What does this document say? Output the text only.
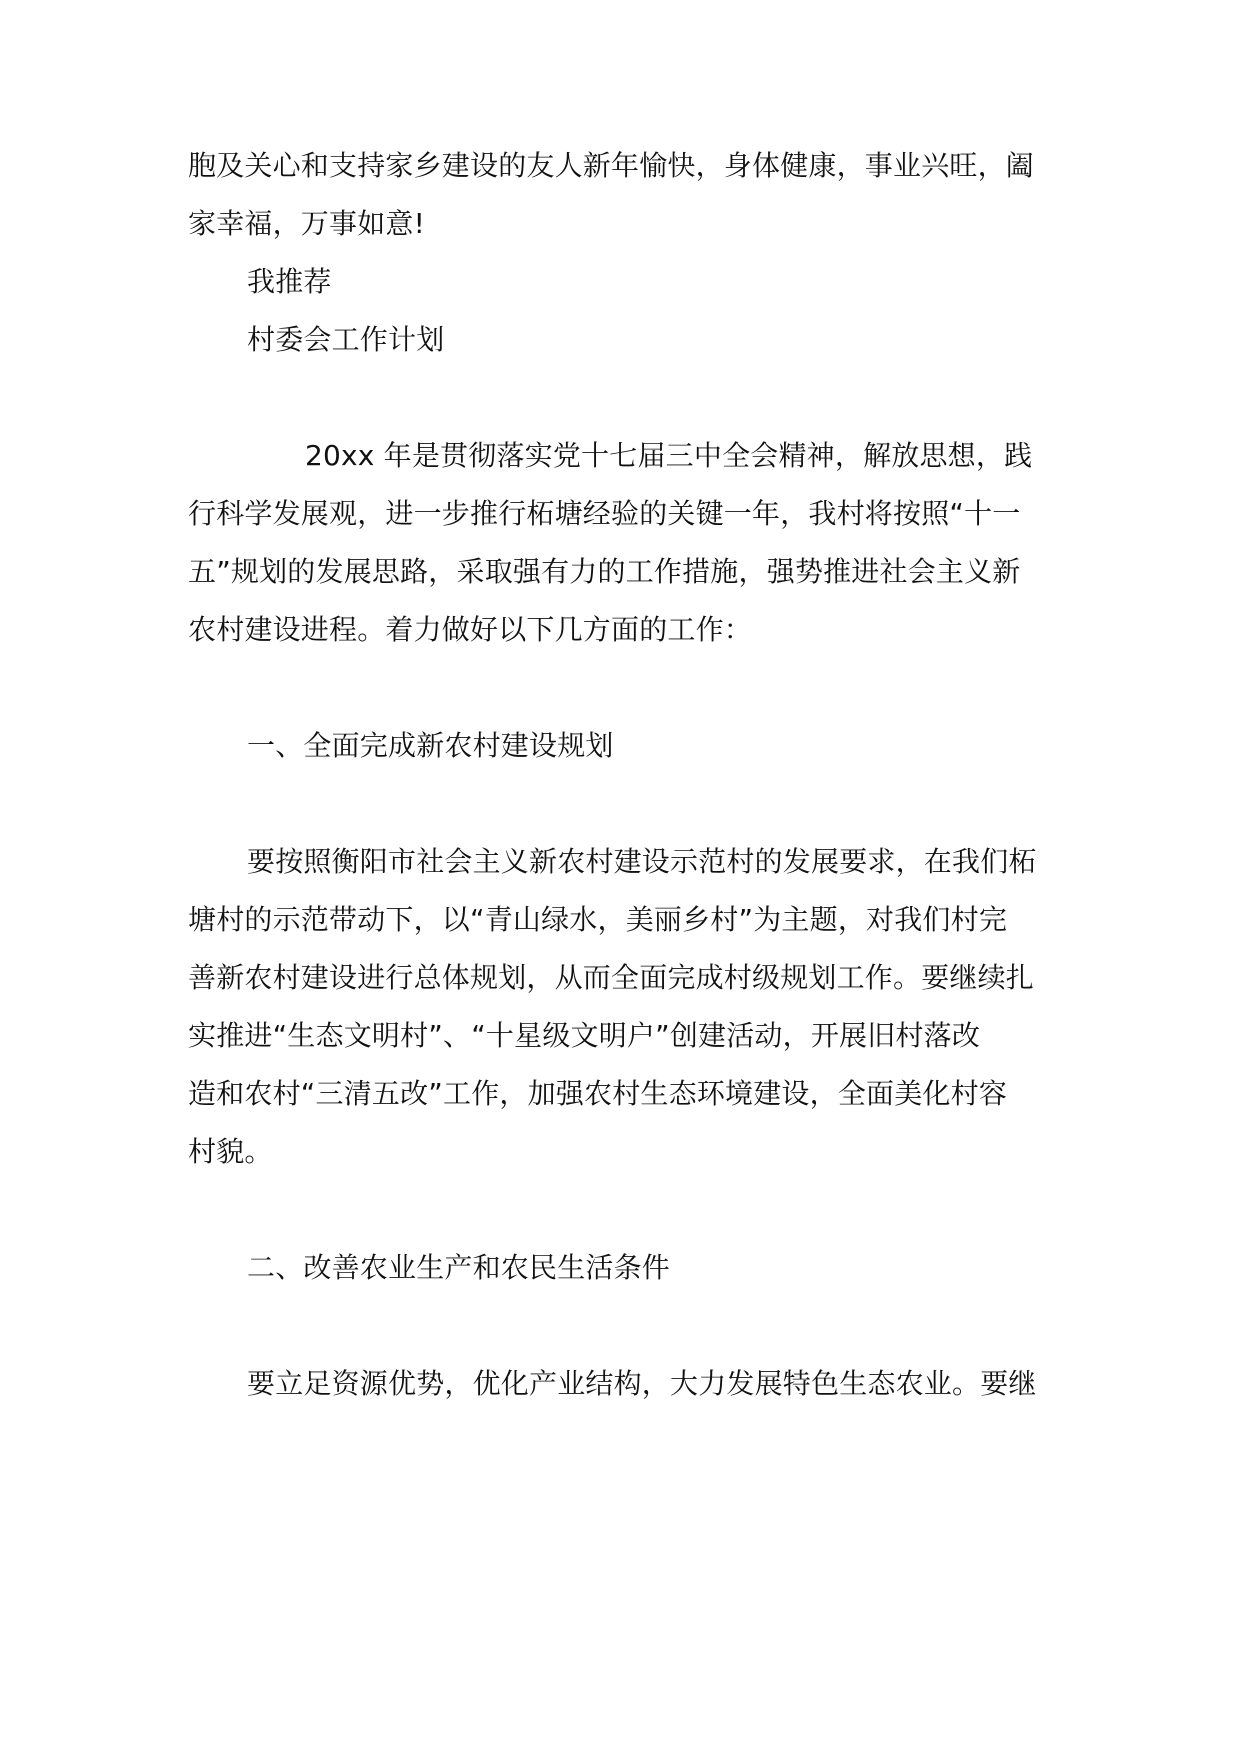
胞及关心和支持家乡建设的友人新年愉快，身体健康，事业兴旺，阖
家幸福，万事如意!
我推荐
村委会工作计划
20xx 年是贯彻落实党十七届三中全会精神，解放思想，践
行科学发展观，进一步推行柘塘经验的关键一年，我村将按照“十一
五”规划的发展思路，采取强有力的工作措施，强势推进社会主义新
农村建设进程。着力做好以下几方面的工作：
一、全面完成新农村建设规划
要按照衡阳市社会主义新农村建设示范村的发展要求，在我们柘
塘村的示范带动下，以“青山绿水，美丽乡村”为主题，对我们村完
善新农村建设进行总体规划，从而全面完成村级规划工作。要继续扎
实推进“生态文明村”、“十星级文明户”创建活动，开展旧村落改
造和农村“三清五改”工作，加强农村生态环境建设，全面美化村容
村貌。
二、改善农业生产和农民生活条件
要立足资源优势，优化产业结构，大力发展特色生态农业。要继
